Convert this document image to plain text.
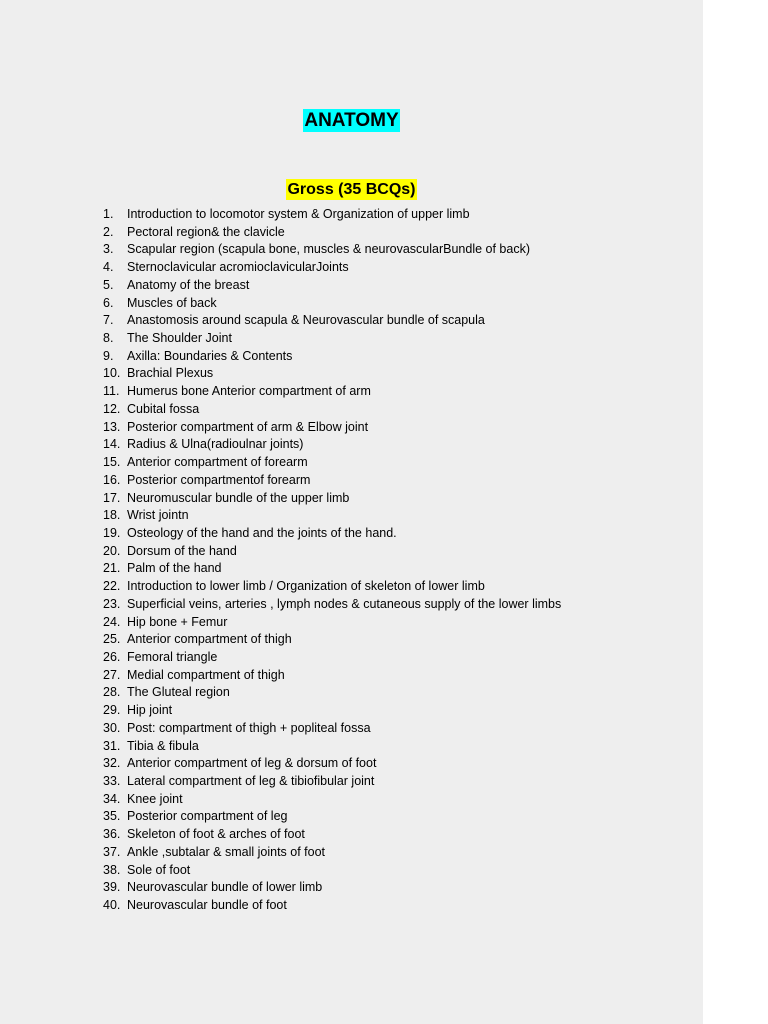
ANATOMY
Gross (35 BCQs)
1. Introduction to locomotor system & Organization of upper limb
2. Pectoral region& the clavicle
3. Scapular region (scapula bone, muscles & neurovascularBundle of back)
4. Sternoclavicular acromioclavicularJoints
5. Anatomy of the breast
6. Muscles of back
7. Anastomosis around scapula & Neurovascular bundle of scapula
8. The Shoulder Joint
9. Axilla: Boundaries & Contents
10. Brachial Plexus
11. Humerus bone Anterior compartment of arm
12. Cubital fossa
13. Posterior compartment of arm & Elbow joint
14. Radius & Ulna(radioulnar joints)
15. Anterior compartment of forearm
16. Posterior compartmentof forearm
17. Neuromuscular bundle of the upper limb
18. Wrist jointn
19. Osteology of the hand and the joints of the hand.
20. Dorsum of the hand
21. Palm of the hand
22. Introduction to lower limb / Organization of skeleton of lower limb
23. Superficial veins, arteries , lymph nodes & cutaneous supply of the lower limbs
24. Hip bone + Femur
25. Anterior compartment of thigh
26. Femoral triangle
27. Medial compartment of thigh
28. The Gluteal region
29. Hip joint
30. Post: compartment of thigh + popliteal fossa
31. Tibia & fibula
32. Anterior compartment of leg & dorsum of foot
33. Lateral compartment of leg & tibiofibular joint
34. Knee joint
35. Posterior compartment of leg
36. Skeleton of foot & arches of foot
37. Ankle ,subtalar & small joints of foot
38. Sole of foot
39. Neurovascular bundle of lower limb
40. Neurovascular bundle of foot
